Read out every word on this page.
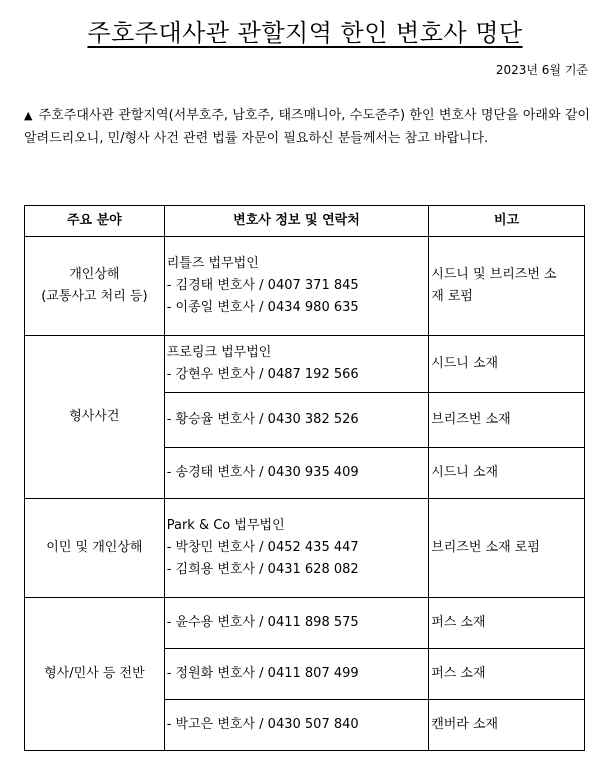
주호주대사관 관할지역 한인 변호사 명단
2023년 6월 기준
▲ 주호주대사관 관할지역(서부호주, 남호주, 태즈매니아, 수도준주) 한인 변호사 명단을 아래와 같이 알려드리오니, 민/형사 사건 관련 법률 자문이 필요하신 분들께서는 참고 바랍니다.
주요 분야	변호사 정보 및 연락처	비고

개인상해
(교통사고 처리 등)	리틀즈 법무법인
- 김경태 변호사 / 0407 371 845
- 이종일 변호사 / 0434 980 635	시드니 및 브리즈번 소
재 로펌

형사사건	프로링크 법무법인
- 강현우 변호사 / 0487 192 566	시드니 소재

	- 황승율 변호사 / 0430 382 526	브리즈번 소재

	- 송경태 변호사 / 0430 935 409	시드니 소재

이민 및 개인상해	Park & Co 법무법인
- 박창민 변호사 / 0452 435 447
- 김희용 변호사 / 0431 628 082	브리즈번 소재 로펌

형사/민사 등 전반	- 윤수용 변호사 / 0411 898 575	퍼스 소재

	- 정원화 변호사 / 0411 807 499	퍼스 소재

	- 박고은 변호사 / 0430 507 840	캔버라 소재
